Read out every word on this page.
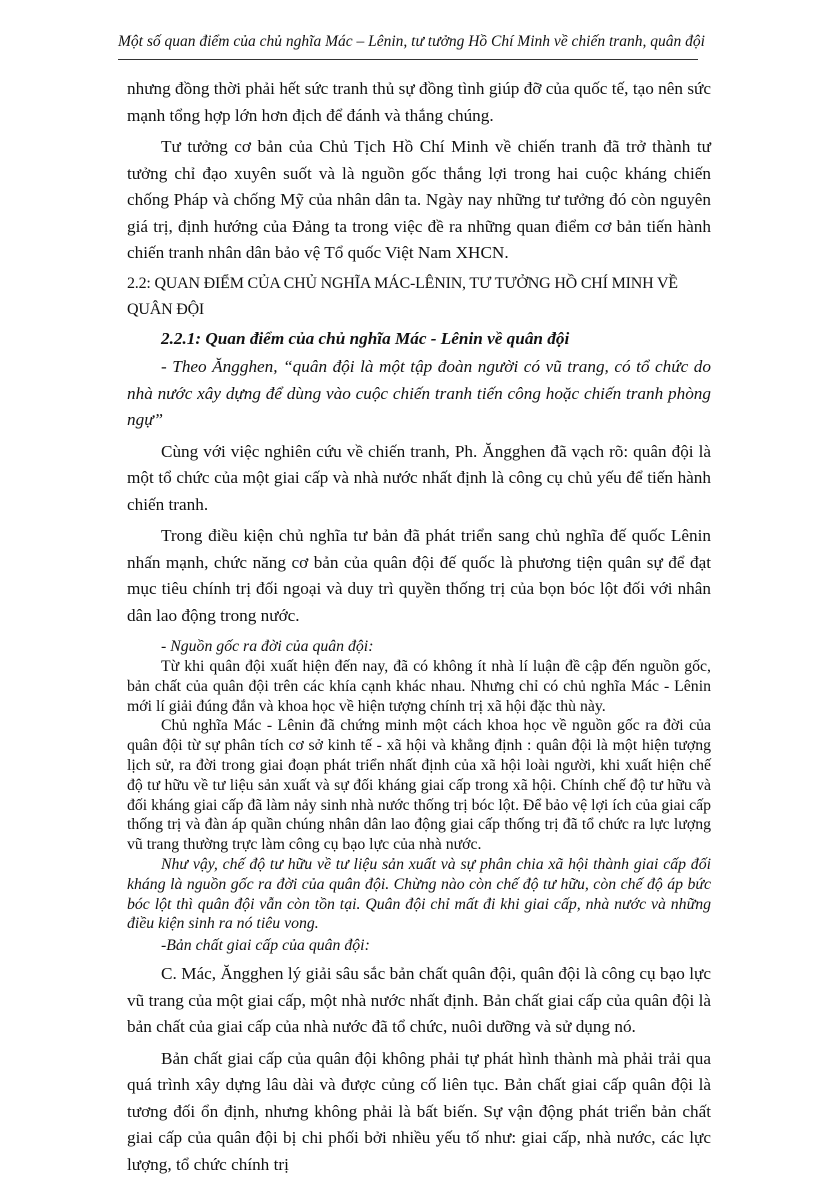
Một số quan điểm của chủ nghĩa Mác – Lênin, tư tưởng Hồ Chí Minh về chiến tranh, quân đội

nhưng đồng thời phải hết sức tranh thủ sự đồng tình giúp đỡ của quốc tế, tạo nên sức mạnh tổng hợp lớn hơn địch để đánh và thắng chúng.

Tư tưởng cơ bản của Chủ Tịch Hồ Chí Minh về chiến tranh đã trở thành tư tưởng chỉ đạo xuyên suốt và là nguồn gốc thắng lợi trong hai cuộc kháng chiến chống Pháp và chống Mỹ của nhân dân ta. Ngày nay những tư tưởng đó còn nguyên giá trị, định hướng của Đảng ta trong việc đề ra những quan điểm cơ bản tiến hành chiến tranh nhân dân bảo vệ Tổ quốc Việt Nam XHCN.

2.2: QUAN ĐIỂM CỦA CHỦ NGHĨA MÁC-LÊNIN, TƯ TƯỞNG HỒ CHÍ MINH VỀ QUÂN ĐỘI
2.2.1: Quan điểm của chủ nghĩa Mác - Lênin về quân đội

- Theo Ăngghen, “quân đội là một tập đoàn người có vũ trang, có tổ chức do nhà nước xây dựng để dùng vào cuộc chiến tranh tiến công hoặc chiến tranh phòng ngự”

Cùng với việc nghiên cứu về chiến tranh, Ph. Ăngghen đã vạch rõ: quân đội là một tổ chức của một giai cấp và nhà nước nhất định là công cụ chủ yếu để tiến hành chiến tranh.

Trong điều kiện chủ nghĩa tư bản đã phát triển sang chủ nghĩa đế quốc Lênin nhấn mạnh, chức năng cơ bản của quân đội đế quốc là phương tiện quân sự để đạt mục tiêu chính trị đối ngoại và duy trì quyền thống trị của bọn bóc lột đối với nhân dân lao động trong nước.

- Nguồn gốc ra đời của quân đội:

Từ khi quân đội xuất hiện đến nay, đã có không ít nhà lí luận đề cập đến nguồn gốc, bản chất của quân đội trên các khía cạnh khác nhau. Nhưng chỉ có chủ nghĩa Mác - Lênin mới lí giải đúng đắn và khoa học về hiện tượng chính trị xã hội đặc thù này.

Chủ nghĩa Mác - Lênin đã chứng minh một cách khoa học về nguồn gốc ra đời của quân đội từ sự phân tích cơ sở kinh tế - xã hội và khẳng định : quân đội là một hiện tượng lịch sử, ra đời trong giai đoạn phát triển nhất định của xã hội loài người, khi xuất hiện chế độ tư hữu về tư liệu sản xuất và sự đối kháng giai cấp trong xã hội. Chính chế độ tư hữu và đối kháng giai cấp đã làm nảy sinh nhà nước thống trị bóc lột. Để bảo vệ lợi ích của giai cấp thống trị và đàn áp quần chúng nhân dân lao động giai cấp thống trị đã tổ chức ra lực lượng vũ trang thường trực làm công cụ bạo lực của nhà nước.

Như vậy, chế độ tư hữu về tư liệu sản xuất và sự phân chia xã hội thành giai cấp đối kháng là nguồn gốc ra đời của quân đội. Chừng nào còn chế độ tư hữu, còn chế độ áp bức bóc lột thì quân đội vẫn còn tồn tại. Quân đội chỉ mất đi khi giai cấp, nhà nước và những điều kiện sinh ra nó tiêu vong.

-Bản chất giai cấp của quân đội:

C. Mác, Ăngghen lý giải sâu sắc bản chất quân đội, quân đội là công cụ bạo lực vũ trang của một giai cấp, một nhà nước nhất định. Bản chất giai cấp của quân đội là bản chất của giai cấp của nhà nước đã tổ chức, nuôi dưỡng và sử dụng nó.

Bản chất giai cấp của quân đội không phải tự phát hình thành mà phải trải qua quá trình xây dựng lâu dài và được củng cố liên tục. Bản chất giai cấp quân đội là tương đối ổn định, nhưng không phải là bất biến. Sự vận động phát triển bản chất giai cấp của quân đội bị chi phối bởi nhiều yếu tố như: giai cấp, nhà nước, các lực lượng, tổ chức chính trị
